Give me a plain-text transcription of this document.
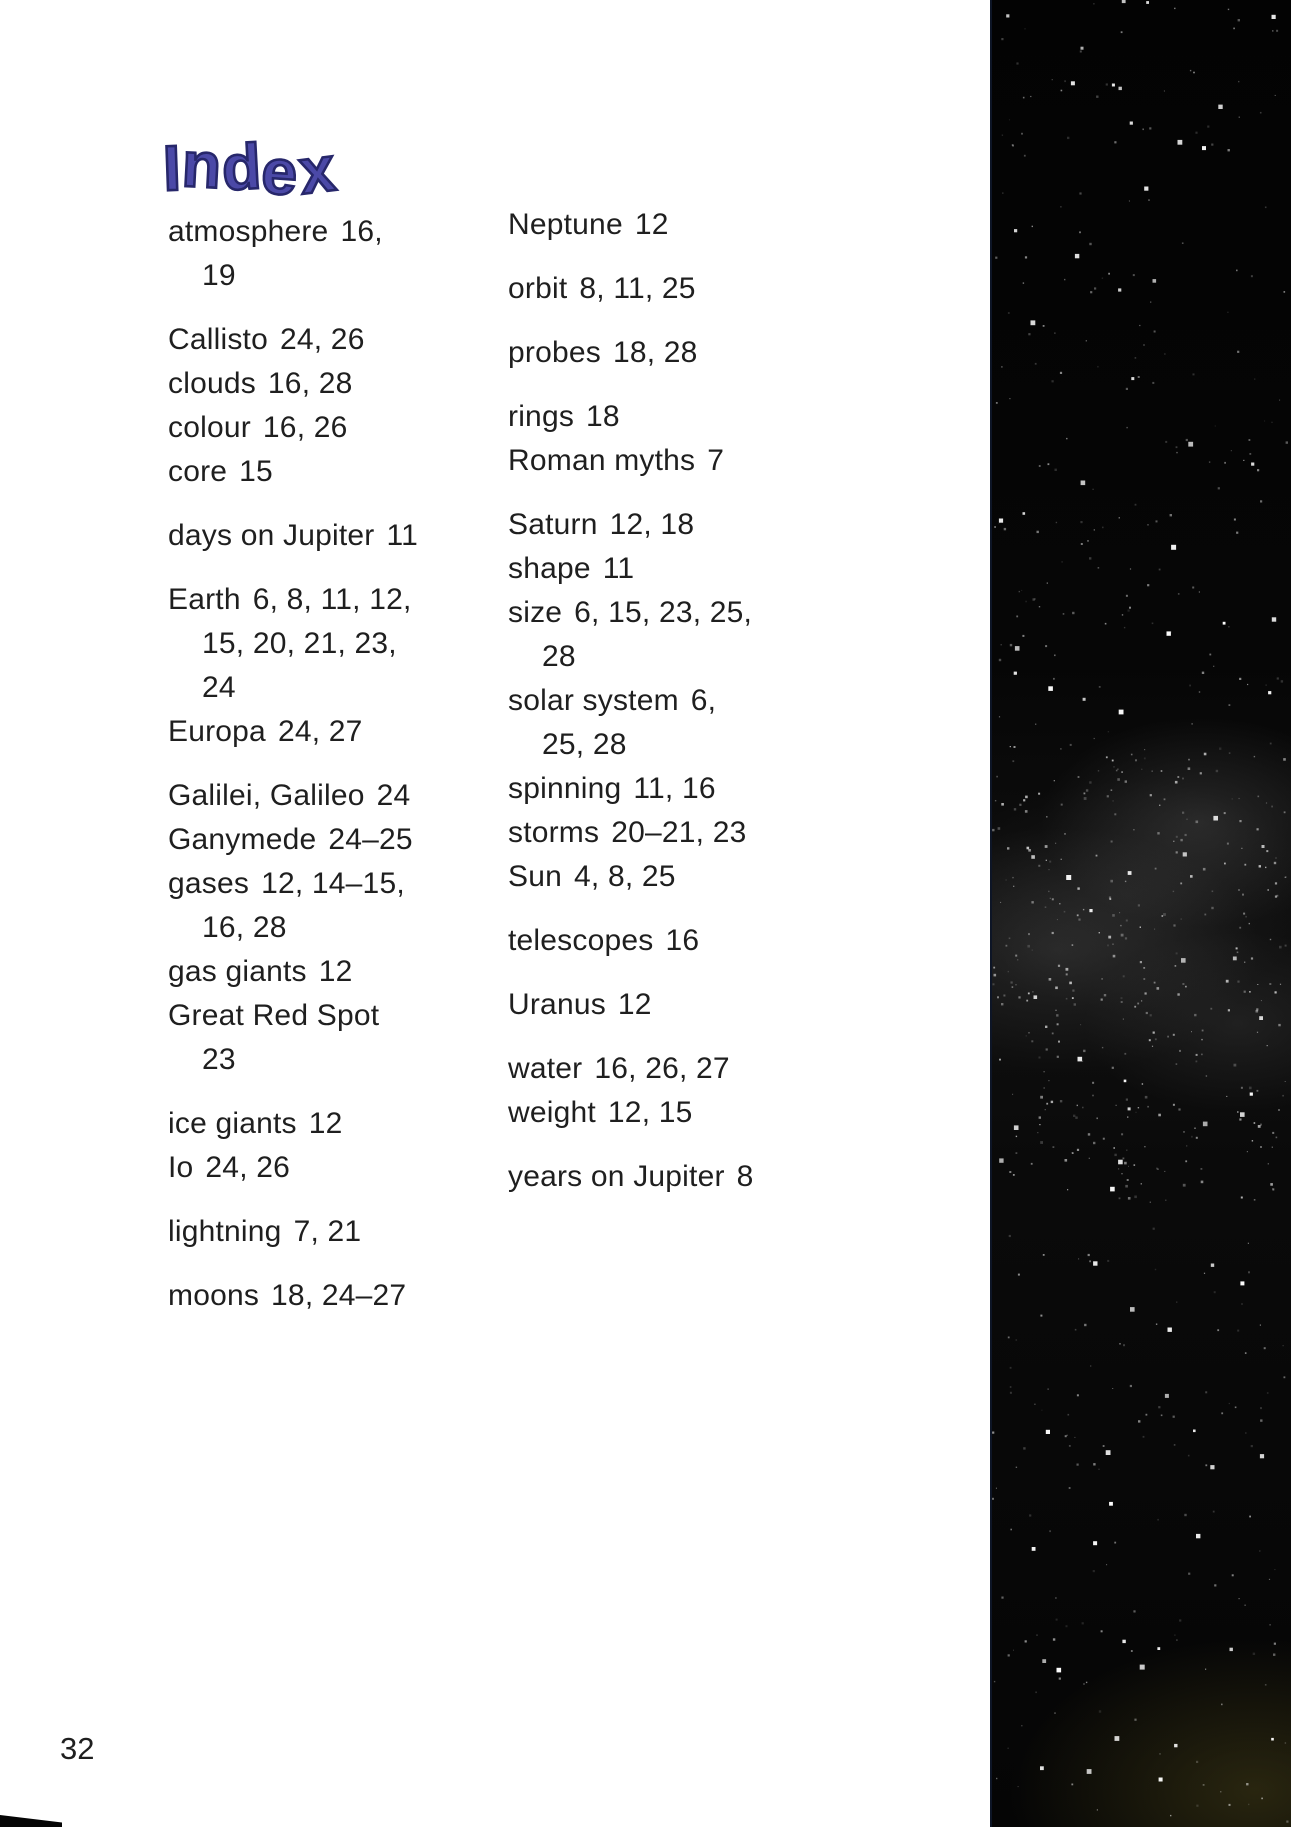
Index
atmosphere 16,
19
Callisto 24, 26
clouds 16, 28
colour 16, 26
core 15
days on Jupiter 11
Earth 6, 8, 11, 12,
15, 20, 21, 23,
24
Europa 24, 27
Galilei, Galileo 24
Ganymede 24–25
gases 12, 14–15,
16, 28
gas giants 12
Great Red Spot
23
ice giants 12
Io 24, 26
lightning 7, 21
moons 18, 24–27
Neptune 12
orbit 8, 11, 25
probes 18, 28
rings 18
Roman myths 7
Saturn 12, 18
shape 11
size 6, 15, 23, 25,
28
solar system 6,
25, 28
spinning 11, 16
storms 20–21, 23
Sun 4, 8, 25
telescopes 16
Uranus 12
water 16, 26, 27
weight 12, 15
years on Jupiter 8
32
